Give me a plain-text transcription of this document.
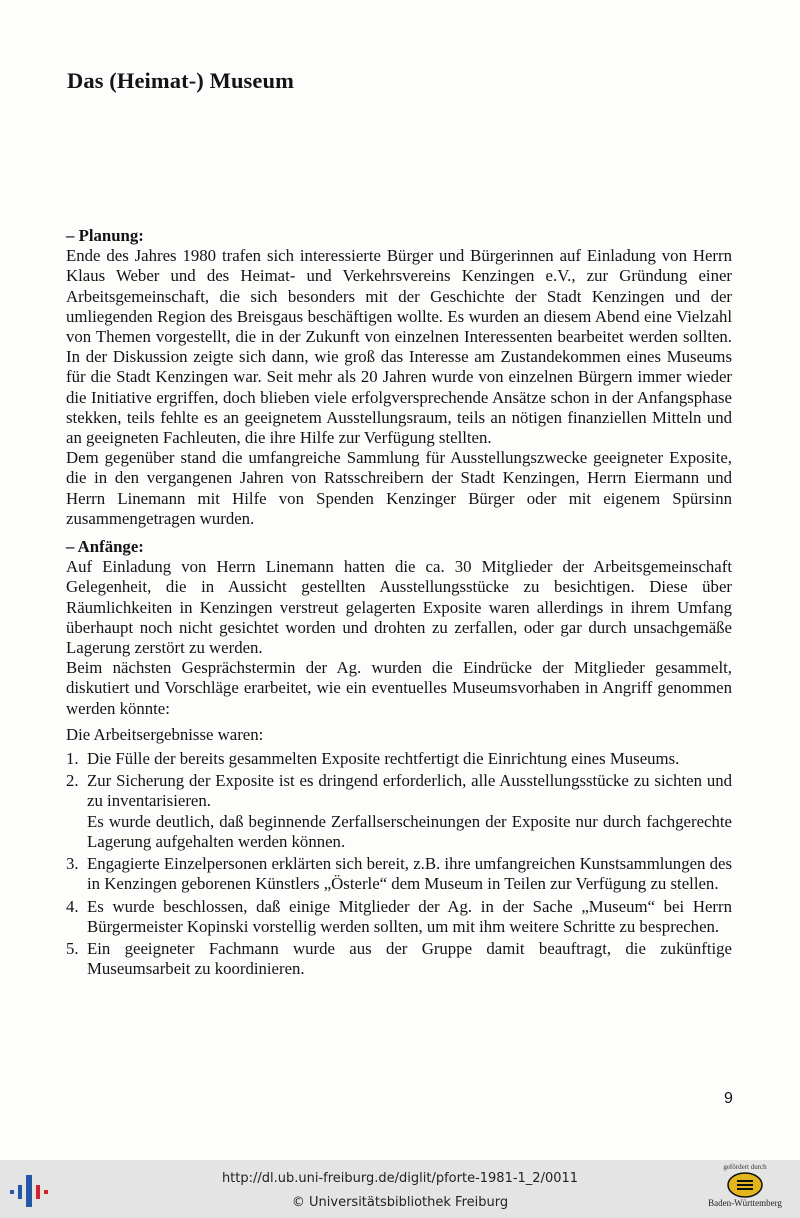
Das (Heimat-) Museum
– Planung:

Ende des Jahres 1980 trafen sich interessierte Bürger und Bürgerinnen auf Einladung von Herrn Klaus Weber und des Heimat- und Verkehrsvereins Kenzingen e.V., zur Gründung einer Arbeitsgemeinschaft, die sich besonders mit der Geschichte der Stadt Kenzingen und der umliegenden Region des Breisgaus beschäftigen wollte. Es wurden an diesem Abend eine Vielzahl von Themen vorgestellt, die in der Zukunft von einzelnen Interessenten bearbeitet werden sollten. In der Diskussion zeigte sich dann, wie groß das Interesse am Zustandekommen eines Museums für die Stadt Kenzingen war. Seit mehr als 20 Jahren wurde von einzelnen Bürgern immer wieder die Initiative ergriffen, doch blieben viele erfolgversprechende Ansätze schon in der Anfangsphase stekken, teils fehlte es an geeignetem Ausstellungsraum, teils an nötigen finanziellen Mitteln und an geeigneten Fachleuten, die ihre Hilfe zur Verfügung stellten.

Dem gegenüber stand die umfangreiche Sammlung für Ausstellungszwecke geeigneter Exposite, die in den vergangenen Jahren von Ratsschreibern der Stadt Kenzingen, Herrn Eiermann und Herrn Linemann mit Hilfe von Spenden Kenzinger Bürger oder mit eigenem Spürsinn zusammengetragen wurden.

– Anfänge:

Auf Einladung von Herrn Linemann hatten die ca. 30 Mitglieder der Arbeitsgemeinschaft Gelegenheit, die in Aussicht gestellten Ausstellungsstücke zu besichtigen. Diese über Räumlichkeiten in Kenzingen verstreut gelagerten Exposite waren allerdings in ihrem Umfang überhaupt noch nicht gesichtet worden und drohten zu zerfallen, oder gar durch unsachgemäße Lagerung zerstört zu werden.

Beim nächsten Gesprächstermin der Ag. wurden die Eindrücke der Mitglieder gesammelt, diskutiert und Vorschläge erarbeitet, wie ein eventuelles Museumsvorhaben in Angriff genommen werden könnte:

Die Arbeitsergebnisse waren:

1. Die Fülle der bereits gesammelten Exposite rechtfertigt die Einrichtung eines Museums.
2. Zur Sicherung der Exposite ist es dringend erforderlich, alle Ausstellungsstücke zu sichten und zu inventarisieren.
Es wurde deutlich, daß beginnende Zerfallserscheinungen der Exposite nur durch fachgerechte Lagerung aufgehalten werden können.
3. Engagierte Einzelpersonen erklärten sich bereit, z.B. ihre umfangreichen Kunstsammlungen des in Kenzingen geborenen Künstlers „Österle“ dem Museum in Teilen zur Verfügung zu stellen.
4. Es wurde beschlossen, daß einige Mitglieder der Ag. in der Sache „Museum“ bei Herrn Bürgermeister Kopinski vorstellig werden sollten, um mit ihm weitere Schritte zu besprechen.
5. Ein geeigneter Fachmann wurde aus der Gruppe damit beauftragt, die zukünftige Museumsarbeit zu koordinieren.
9
http://dl.ub.uni-freiburg.de/diglit/pforte-1981-1_2/0011
© Universitätsbibliothek Freiburg
gefördert durch
Baden-Württemberg
